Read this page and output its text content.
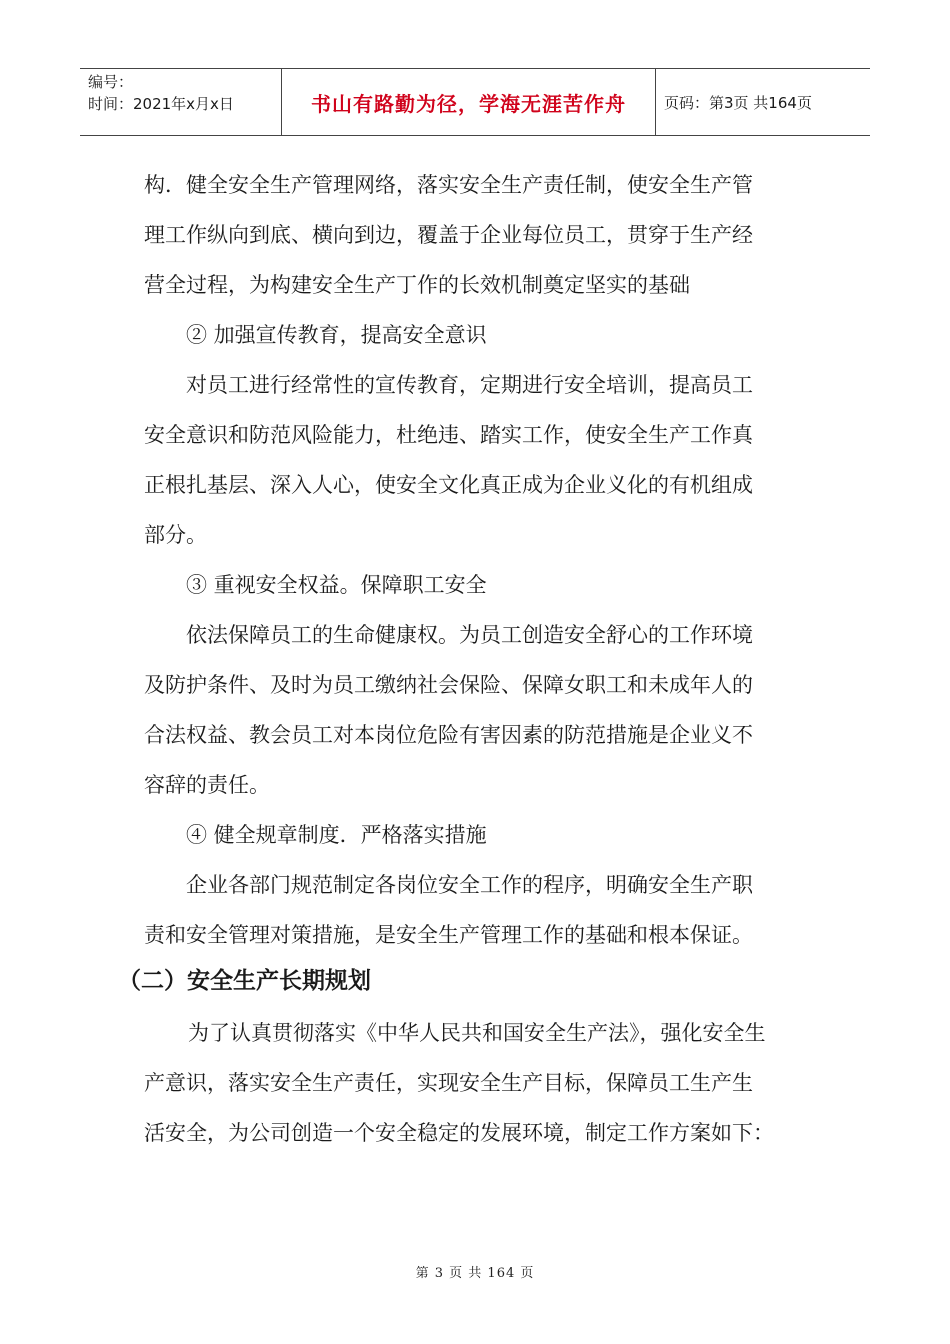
编号：
时间：2021年x月x日	书山有路勤为径，学海无涯苦作舟	页码：第3页 共164页
构．健全安全生产管理网络，落实安全生产责任制，使安全生产管
理工作纵向到底、横向到边，覆盖于企业每位员工，贯穿于生产经
营全过程，为构建安全生产丁作的长效机制奠定坚实的基础
② 加强宣传教育，提高安全意识
对员工进行经常性的宣传教育，定期进行安全培训，提高员工
安全意识和防范风险能力，杜绝违、踏实工作，使安全生产工作真
正根扎基层、深入人心，使安全文化真正成为企业义化的有机组成
部分。
③ 重视安全权益。保障职工安全
依法保障员工的生命健康权。为员工创造安全舒心的工作环境
及防护条件、及时为员工缴纳社会保险、保障女职工和未成年人的
合法权益、教会员工对本岗位危险有害因素的防范措施是企业义不
容辞的责任。
④ 健全规章制度．严格落实措施
企业各部门规范制定各岗位安全工作的程序，明确安全生产职
责和安全管理对策措施，是安全生产管理工作的基础和根本保证。
（二）安全生产长期规划
为了认真贯彻落实《中华人民共和国安全生产法》，强化安全生
产意识，落实安全生产责任，实现安全生产目标，保障员工生产生
活安全，为公司创造一个安全稳定的发展环境，制定工作方案如下：
第 3 页 共 164 页
